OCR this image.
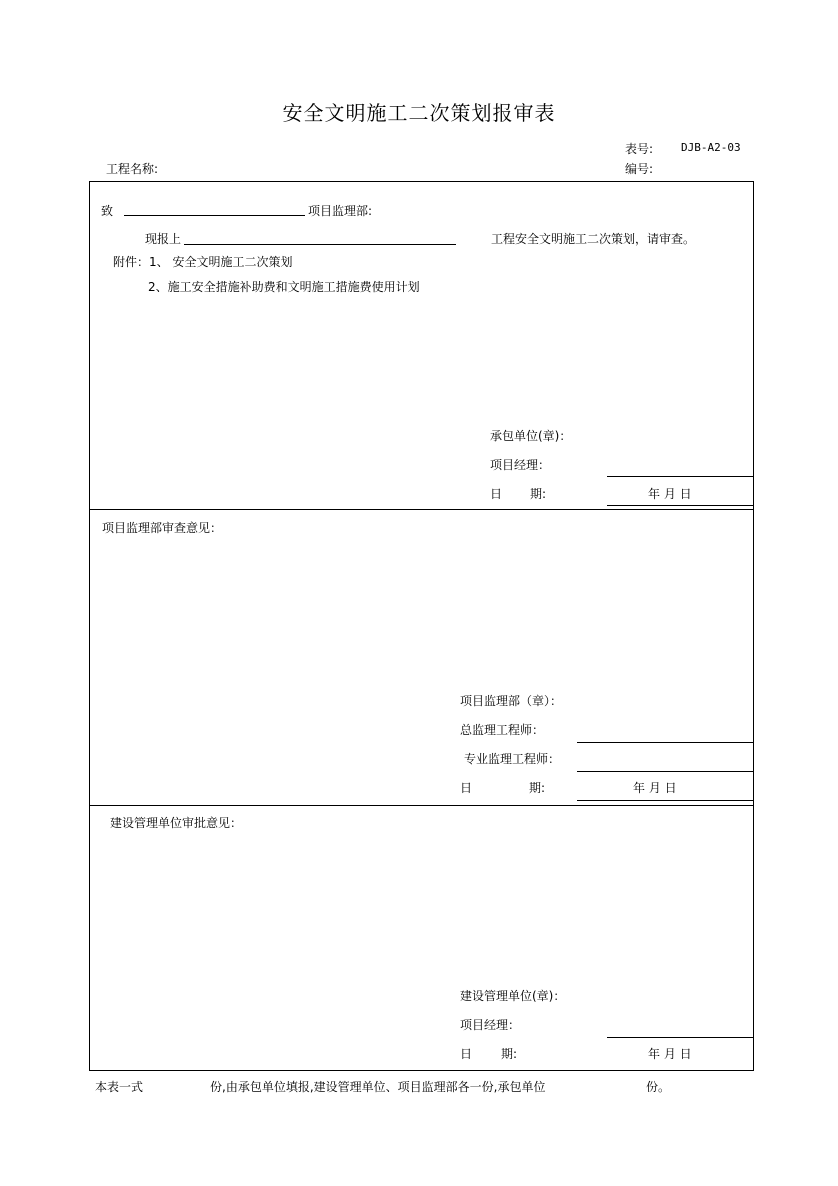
安全文明施工二次策划报审表
表号:	DJB-A2-03
编号:
工程名称:
致	项目监理部:
现报上	工程安全文明施工二次策划，请审查。
附件：1、 安全文明施工二次策划
2、施工安全措施补助费和文明施工措施费使用计划
承包单位(章)：
项目经理：
日 期:	年 月 日
项目监理部审查意见：
项目监理部（章）：
总监理工程师：
专业监理工程师：
日	期:	年 月 日
建设管理单位审批意见：
建设管理单位(章)：
项目经理：
日 期:	年 月 日
本表一式	份,由承包单位填报,建设管理单位、项目监理部各一份,承包单位	份。
